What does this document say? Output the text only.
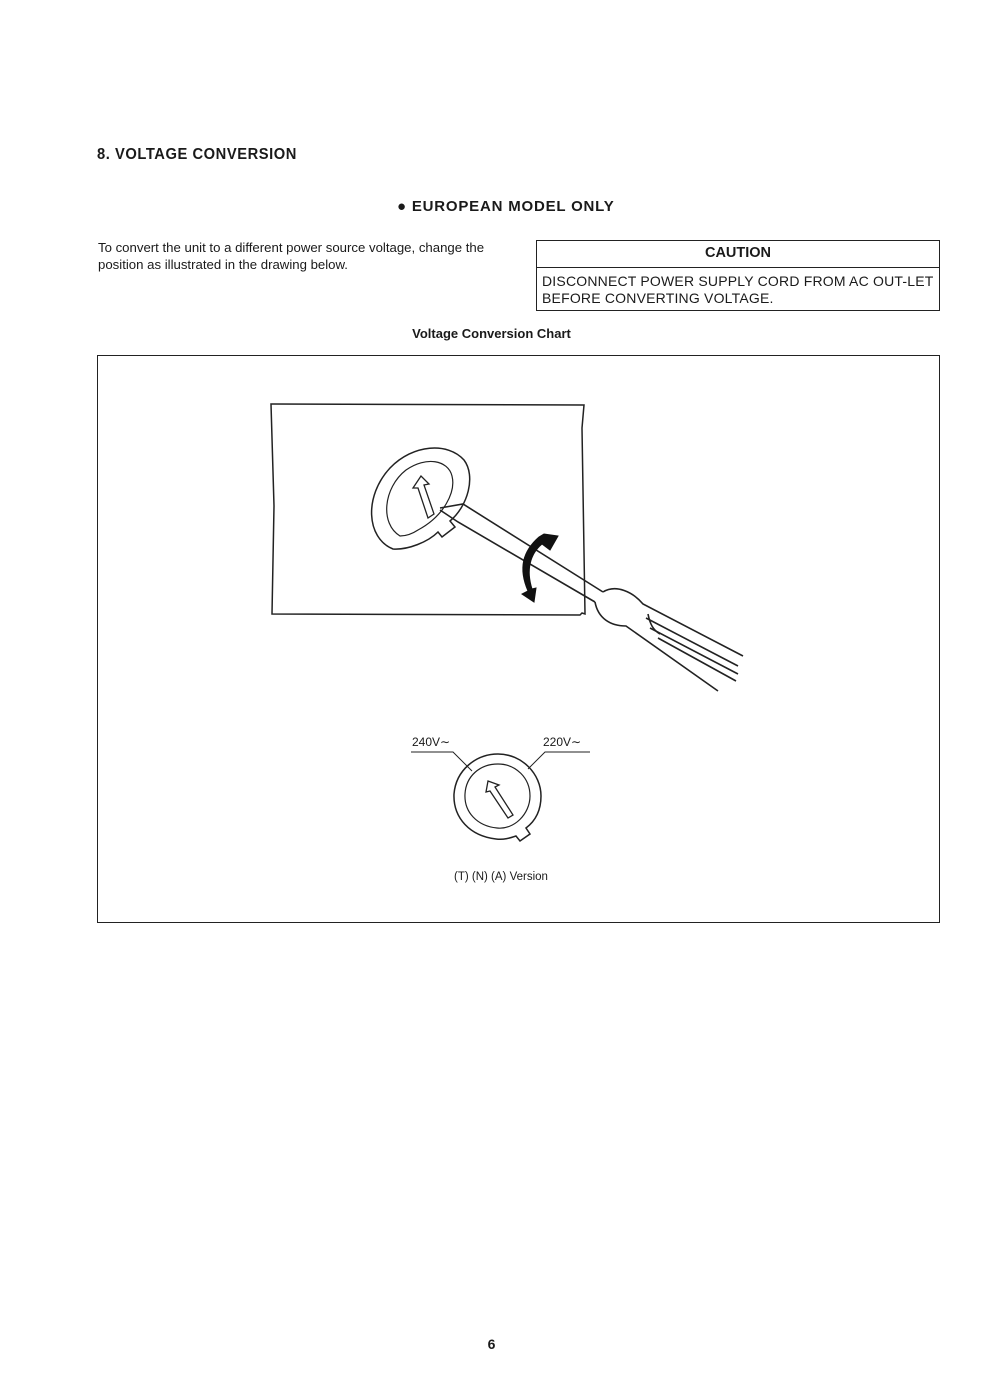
8. VOLTAGE CONVERSION
● EUROPEAN MODEL ONLY
To convert the unit to a different power source voltage, change the position as illustrated in the drawing below.
CAUTION
DISCONNECT POWER SUPPLY CORD FROM AC OUT-LET BEFORE CONVERTING VOLTAGE.
Voltage Conversion Chart
240V∼	220V∼
(T) (N) (A) Version
6
